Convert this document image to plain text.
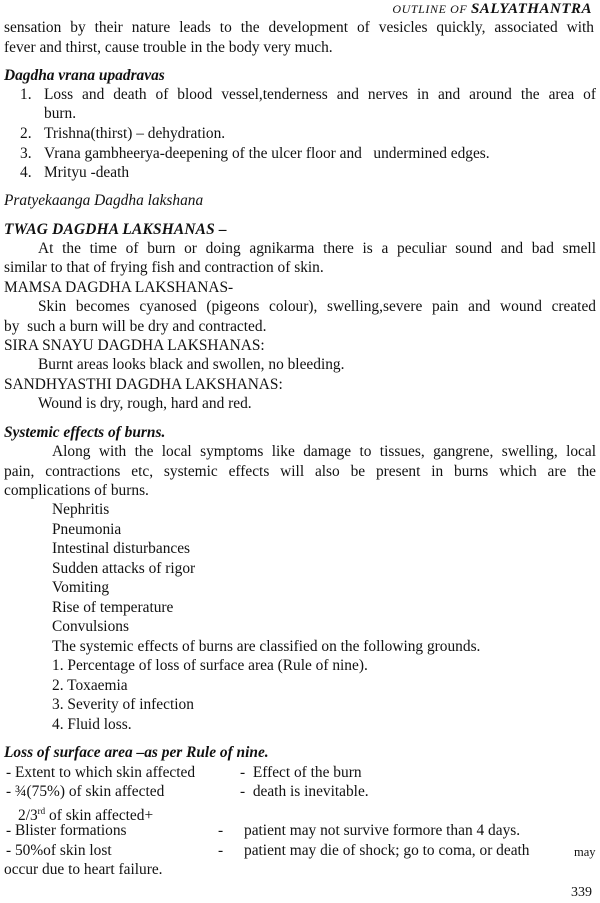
OUTLINE OF SALYATHANTRA
sensation by their nature leads to the development of vesicles quickly, associated with
fever and thirst, cause trouble in the body very much.
Dagdha vrana upadravas
1. Loss and death of blood vessel,tenderness and nerves in and around the area of
burn.
2. Trishna(thirst) – dehydration.
3. Vrana gambheerya-deepening of the ulcer floor and   undermined edges.
4. Mrityu -death
Pratyekaanga Dagdha lakshana
TWAG DAGDHA LAKSHANAS –
At the time of burn or doing agnikarma there is a peculiar sound and bad smell
similar to that of frying fish and contraction of skin.
MAMSA DAGDHA LAKSHANAS-
Skin becomes cyanosed (pigeons colour), swelling,severe pain and wound created
by  such a burn will be dry and contracted.
SIRA SNAYU DAGDHA LAKSHANAS:
Burnt areas looks black and swollen, no bleeding.
SANDHYASTHI DAGDHA LAKSHANAS:
Wound is dry, rough, hard and red.
Systemic effects of burns.
Along with the local symptoms like damage to tissues, gangrene, swelling, local
pain, contractions etc, systemic effects will also be present in burns which are the
complications of burns.
Nephritis
Pneumonia
Intestinal disturbances
Sudden attacks of rigor
Vomiting
Rise of temperature
Convulsions
The systemic effects of burns are classified on the following grounds.
1. Percentage of loss of surface area (Rule of nine).
2. Toxaemia
3. Severity of infection
4. Fluid loss.
Loss of surface area –as per Rule of nine.
- Extent to which skin affected	-  Effect of the burn
- ¾(75%) of skin affected	-  death is inevitable.
2/3rd of skin affected+
- Blister formations	- patient may not survive formore than 4 days.
- 50%of skin lost	- patient may die of shock; go to coma, or death	may
occur due to heart failure.
339
